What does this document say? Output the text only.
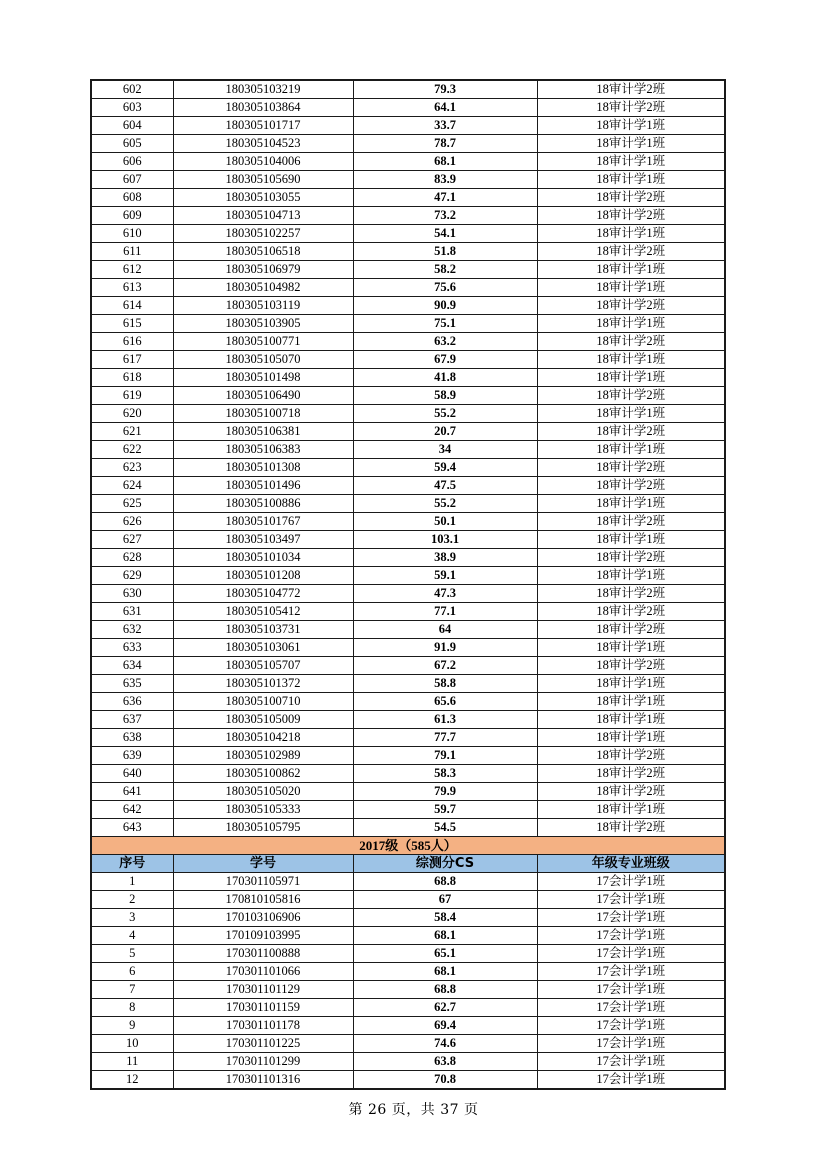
602	180305103219	79.3	18审计学2班
603	180305103864	64.1	18审计学2班
604	180305101717	33.7	18审计学1班
605	180305104523	78.7	18审计学1班
606	180305104006	68.1	18审计学1班
607	180305105690	83.9	18审计学1班
608	180305103055	47.1	18审计学2班
609	180305104713	73.2	18审计学2班
610	180305102257	54.1	18审计学1班
611	180305106518	51.8	18审计学2班
612	180305106979	58.2	18审计学1班
613	180305104982	75.6	18审计学1班
614	180305103119	90.9	18审计学2班
615	180305103905	75.1	18审计学1班
616	180305100771	63.2	18审计学2班
617	180305105070	67.9	18审计学1班
618	180305101498	41.8	18审计学1班
619	180305106490	58.9	18审计学2班
620	180305100718	55.2	18审计学1班
621	180305106381	20.7	18审计学2班
622	180305106383	34	18审计学1班
623	180305101308	59.4	18审计学2班
624	180305101496	47.5	18审计学2班
625	180305100886	55.2	18审计学1班
626	180305101767	50.1	18审计学2班
627	180305103497	103.1	18审计学1班
628	180305101034	38.9	18审计学2班
629	180305101208	59.1	18审计学1班
630	180305104772	47.3	18审计学2班
631	180305105412	77.1	18审计学2班
632	180305103731	64	18审计学2班
633	180305103061	91.9	18审计学1班
634	180305105707	67.2	18审计学2班
635	180305101372	58.8	18审计学1班
636	180305100710	65.6	18审计学1班
637	180305105009	61.3	18审计学1班
638	180305104218	77.7	18审计学1班
639	180305102989	79.1	18审计学2班
640	180305100862	58.3	18审计学2班
641	180305105020	79.9	18审计学2班
642	180305105333	59.7	18审计学1班
643	180305105795	54.5	18审计学2班
2017级（585人）			
序号	学号	综测分CS	年级专业班级
1	170301105971	68.8	17会计学1班
2	170810105816	67	17会计学1班
3	170103106906	58.4	17会计学1班
4	170109103995	68.1	17会计学1班
5	170301100888	65.1	17会计学1班
6	170301101066	68.1	17会计学1班
7	170301101129	68.8	17会计学1班
8	170301101159	62.7	17会计学1班
9	170301101178	69.4	17会计学1班
10	170301101225	74.6	17会计学1班
11	170301101299	63.8	17会计学1班
12	170301101316	70.8	17会计学1班
第 26 页，共 37 页
